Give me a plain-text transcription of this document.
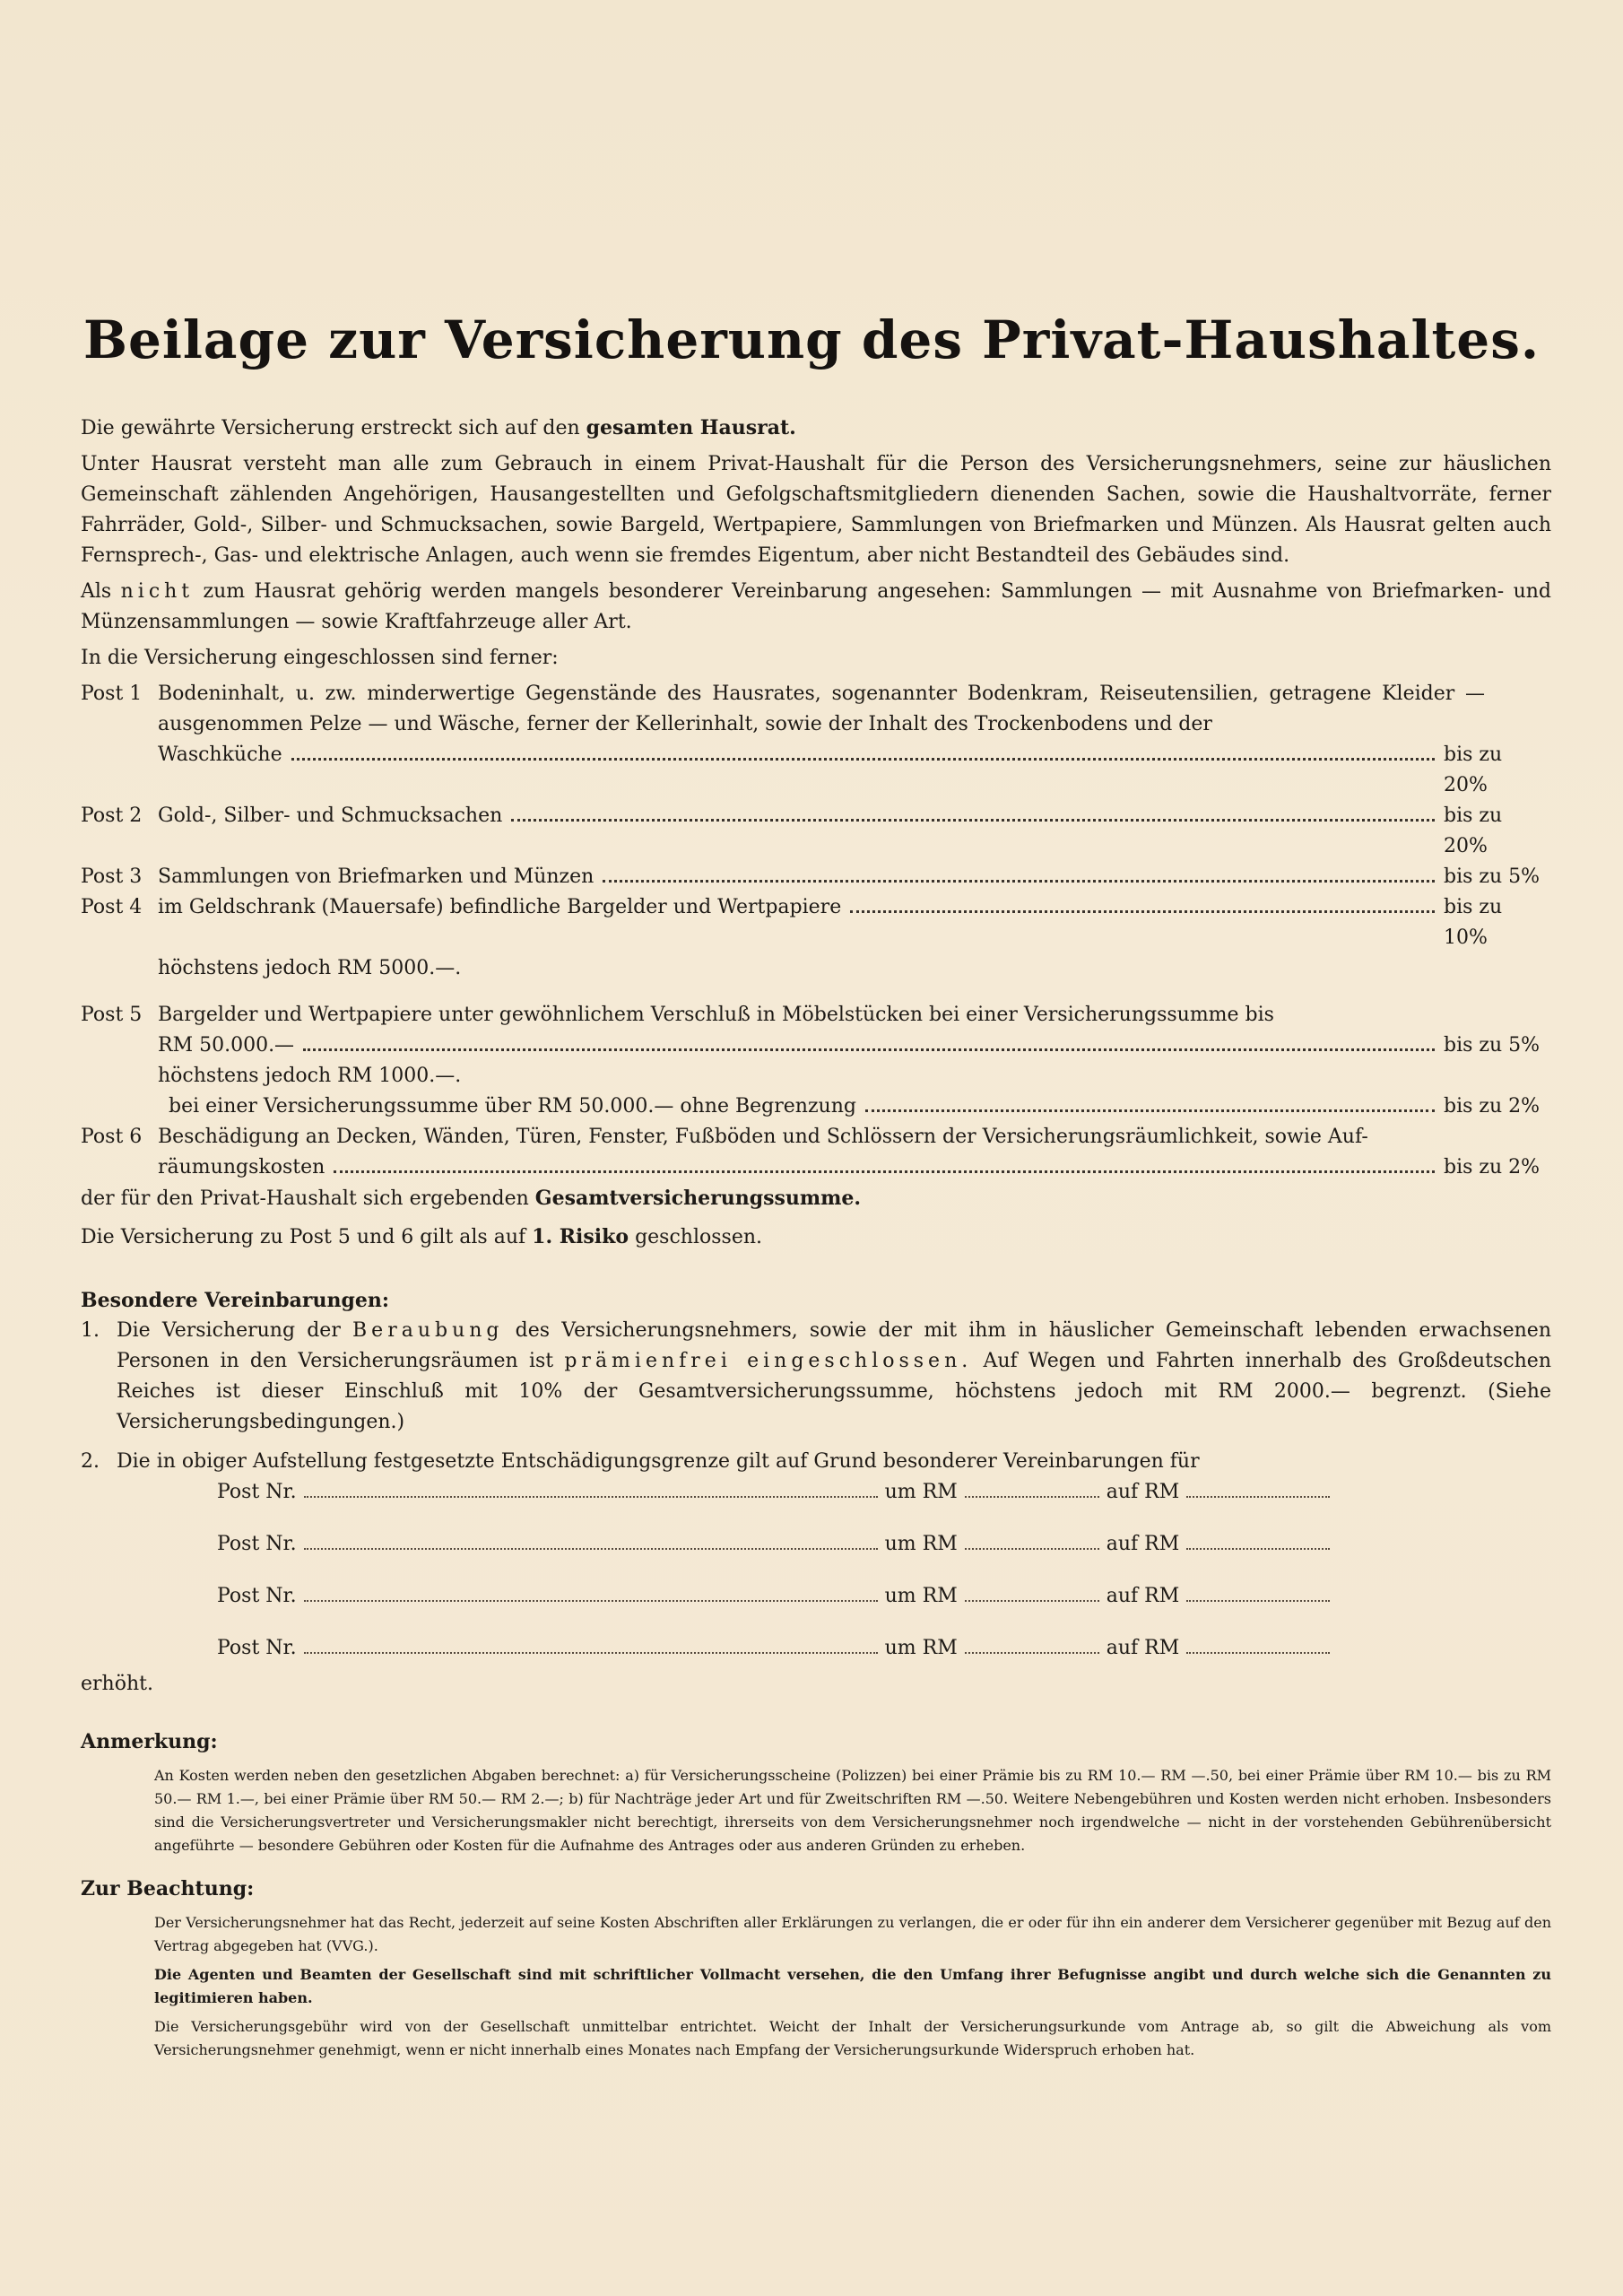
Beilage zur Versicherung des Privat-Haushaltes.

Die gewährte Versicherung erstreckt sich auf den gesamten Hausrat.

Unter Hausrat versteht man alle zum Gebrauch in einem Privat-Haushalt für die Person des Versicherungsnehmers, seine zur häuslichen Gemeinschaft zählenden Angehörigen, Hausangestellten und Gefolgschaftsmitgliedern dienenden Sachen, sowie die Haushaltvorräte, ferner Fahrräder, Gold-, Silber- und Schmucksachen, sowie Bargeld, Wertpapiere, Sammlungen von Briefmarken und Münzen. Als Hausrat gelten auch Fernsprech-, Gas- und elektrische Anlagen, auch wenn sie fremdes Eigentum, aber nicht Bestandteil des Gebäudes sind.

Als nicht zum Hausrat gehörig werden mangels besonderer Vereinbarung angesehen: Sammlungen — mit Ausnahme von Briefmarken- und Münzensammlungen — sowie Kraftfahrzeuge aller Art.

In die Versicherung eingeschlossen sind ferner:

Post 1 Bodeninhalt, u. zw. minderwertige Gegenstände des Hausrates, sogenannter Bodenkram, Reiseutensilien, getragene Kleider — ausgenommen Pelze — und Wäsche, ferner der Kellerinhalt, sowie der Inhalt des Trockenbodens und der
Waschküche	bis zu 20%
Post 2 Gold-, Silber- und Schmucksachen	bis zu 20%
Post 3 Sammlungen von Briefmarken und Münzen	bis zu 5%
Post 4 im Geldschrank (Mauersafe) befindliche Bargelder und Wertpapiere	bis zu 10%
höchstens jedoch RM 5000.—.
Post 5 Bargelder und Wertpapiere unter gewöhnlichem Verschluß in Möbelstücken bei einer Versicherungssumme bis
RM 50.000.—	bis zu 5%
höchstens jedoch RM 1000.—.
bei einer Versicherungssumme über RM 50.000.— ohne Begrenzung	bis zu 2%
Post 6 Beschädigung an Decken, Wänden, Türen, Fenster, Fußböden und Schlössern der Versicherungsräumlichkeit, sowie Auf-
räumungskosten	bis zu 2%

der für den Privat-Haushalt sich ergebenden Gesamtversicherungssumme.

Die Versicherung zu Post 5 und 6 gilt als auf 1. Risiko geschlossen.

Besondere Vereinbarungen:
1. Die Versicherung der Beraubung des Versicherungsnehmers, sowie der mit ihm in häuslicher Gemeinschaft lebenden erwachsenen Personen in den Versicherungsräumen ist prämienfrei eingeschlossen. Auf Wegen und Fahrten innerhalb des Großdeutschen Reiches ist dieser Einschluß mit 10% der Gesamtversicherungssumme, höchstens jedoch mit RM 2000.— begrenzt. (Siehe Versicherungsbedingungen.)
2. Die in obiger Aufstellung festgesetzte Entschädigungsgrenze gilt auf Grund besonderer Vereinbarungen für
Post Nr.	um RM	auf RM
Post Nr.	um RM	auf RM
Post Nr.	um RM	auf RM
Post Nr.	um RM	auf RM
erhöht.
Anmerkung:

An Kosten werden neben den gesetzlichen Abgaben berechnet: a) für Versicherungsscheine (Polizzen) bei einer Prämie bis zu RM 10.— RM —.50, bei einer Prämie über RM 10.— bis zu RM 50.— RM 1.—, bei einer Prämie über RM 50.— RM 2.—; b) für Nachträge jeder Art und für Zweitschriften RM —.50. Weitere Nebengebühren und Kosten werden nicht erhoben. Insbesonders sind die Versicherungsvertreter und Versicherungsmakler nicht berechtigt, ihrerseits von dem Versicherungsnehmer noch irgendwelche — nicht in der vorstehenden Gebührenübersicht angeführte — besondere Gebühren oder Kosten für die Aufnahme des Antrages oder aus anderen Gründen zu erheben.

Zur Beachtung:

Der Versicherungsnehmer hat das Recht, jederzeit auf seine Kosten Abschriften aller Erklärungen zu verlangen, die er oder für ihn ein anderer dem Versicherer gegenüber mit Bezug auf den Vertrag abgegeben hat (VVG.).

Die Agenten und Beamten der Gesellschaft sind mit schriftlicher Vollmacht versehen, die den Umfang ihrer Befugnisse angibt und durch welche sich die Genannten zu legitimieren haben.

Die Versicherungsgebühr wird von der Gesellschaft unmittelbar entrichtet. Weicht der Inhalt der Versicherungsurkunde vom Antrage ab, so gilt die Abweichung als vom Versicherungsnehmer genehmigt, wenn er nicht innerhalb eines Monates nach Empfang der Versicherungsurkunde Widerspruch erhoben hat.
